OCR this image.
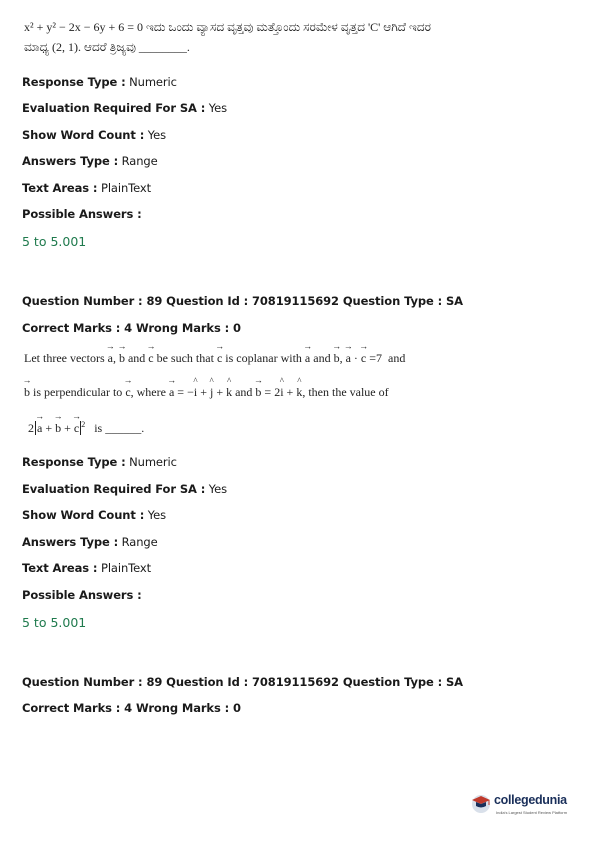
x² + y² − 2x − 6y + 6 = 0 ಇದು ಒಂದು ವ್ಯಾಸದ ವೃತ್ತವು ಮತ್ತೊಂದು ಸರಮೇಳ ವೃತ್ತದ 'C' ಆಗಿದೆ ಇದರ
ಮಾಧ್ಯ (2, 1). ಆದರೆ ತ್ರಿಜ್ಯವು ________.
Response Type : Numeric
Evaluation Required For SA : Yes
Show Word Count : Yes
Answers Type : Range
Text Areas : PlainText
Possible Answers :
5 to 5.001
Question Number : 89 Question Id : 70819115692 Question Type : SA
Correct Marks : 4 Wrong Marks : 0
Let three vectors → a, → b and → c be such that → c is coplanar with → a and → b, → a · → c =7 and
→ b is perpendicular to → c, where → a = −^ i + ^ j + ^ k and → b = 2^ i + ^ k, then the value of
2 → a + → b + → c $^2$ is ______.
Response Type : Numeric
Evaluation Required For SA : Yes
Show Word Count : Yes
Answers Type : Range
Text Areas : PlainText
Possible Answers :
5 to 5.001
Question Number : 89 Question Id : 70819115692 Question Type : SA
Correct Marks : 4 Wrong Marks : 0
collegedunia
India's Largest Student Review Platform
